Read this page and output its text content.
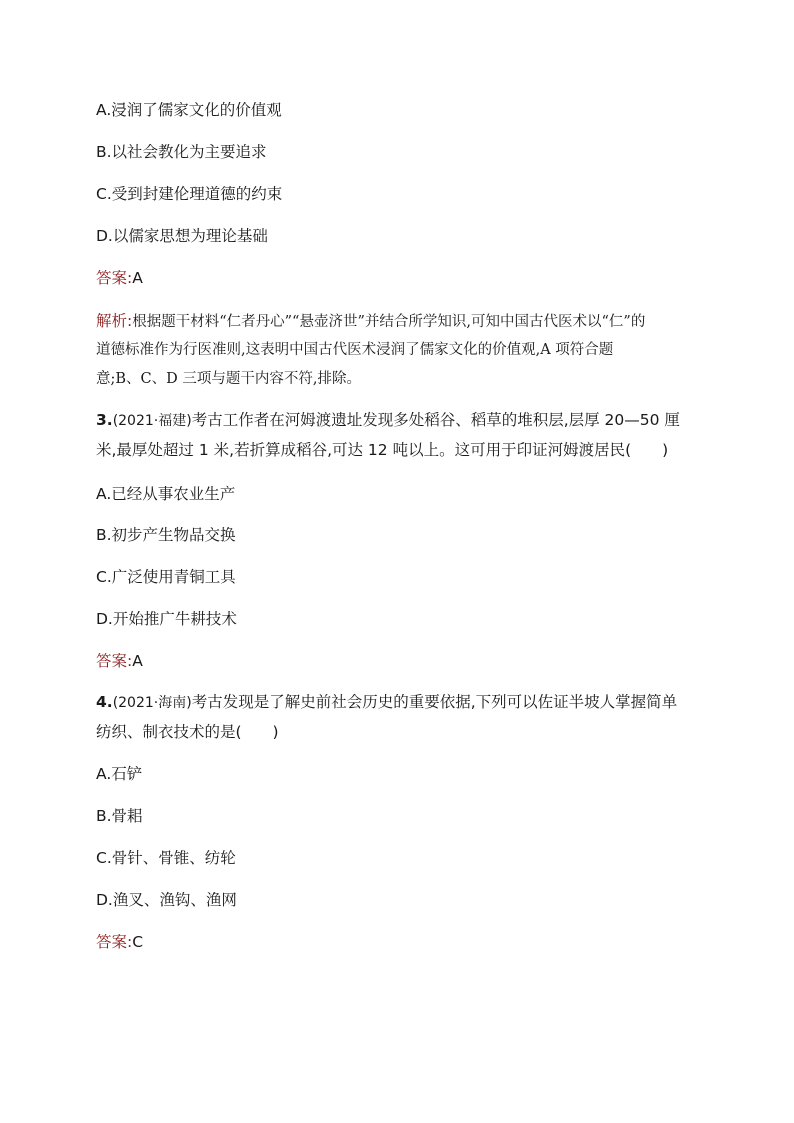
A.浸润了儒家文化的价值观
B.以社会教化为主要追求
C.受到封建伦理道德的约束
D.以儒家思想为理论基础
答案:A
解析:根据题干材料“仁者丹心”“悬壶济世”并结合所学知识,可知中国古代医术以“仁”的
道德标准作为行医准则,这表明中国古代医术浸润了儒家文化的价值观,A 项符合题
意;B、C、D 三项与题干内容不符,排除。
3.(2021·福建)考古工作者在河姆渡遗址发现多处稻谷、稻草的堆积层,层厚 20—50 厘
米,最厚处超过 1 米,若折算成稻谷,可达 12 吨以上。这可用于印证河姆渡居民(　　)
A.已经从事农业生产
B.初步产生物品交换
C.广泛使用青铜工具
D.开始推广牛耕技术
答案:A
4.(2021·海南)考古发现是了解史前社会历史的重要依据,下列可以佐证半坡人掌握简单
纺织、制衣技术的是(　　)
A.石铲
B.骨耜
C.骨针、骨锥、纺轮
D.渔叉、渔钩、渔网
答案:C
